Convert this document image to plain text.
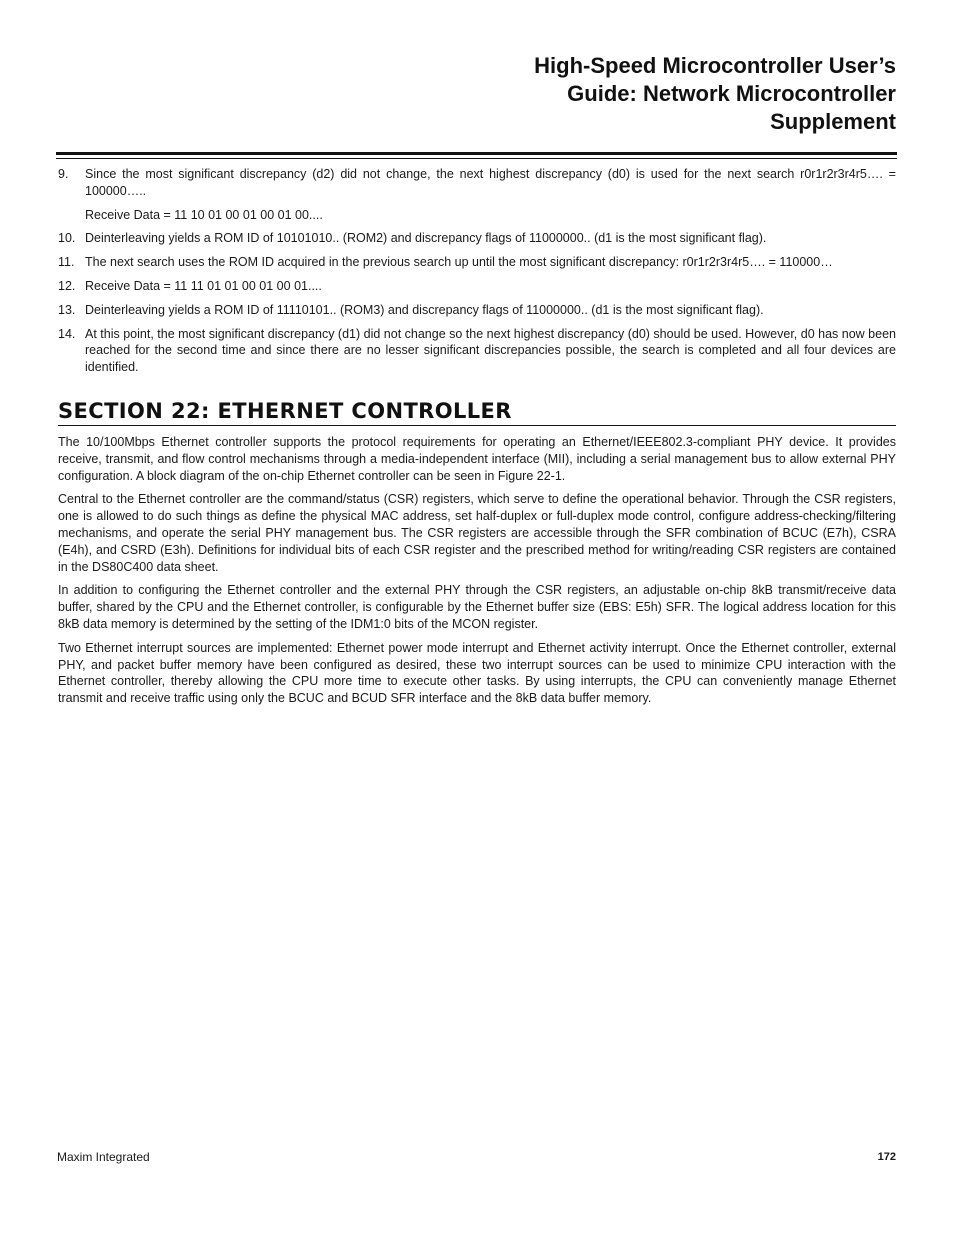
High-Speed Microcontroller User’s
Guide: Network Microcontroller
Supplement
9.	Since the most significant discrepancy (d2) did not change, the next highest discrepancy (d0) is used for the next search r0r1r2r3r4r5…. = 100000…..
Receive Data = 11 10 01 00 01 00 01 00....
10. Deinterleaving yields a ROM ID of 10101010.. (ROM2) and discrepancy flags of 11000000.. (d1 is the most significant flag).
11. The next search uses the ROM ID acquired in the previous search up until the most significant discrepancy: r0r1r2r3r4r5…. = 110000…
12. Receive Data = 11 11 01 01 00 01 00 01....
13. Deinterleaving yields a ROM ID of 11110101.. (ROM3) and discrepancy flags of 11000000.. (d1 is the most significant flag).
14. At this point, the most significant discrepancy (d1) did not change so the next highest discrepancy (d0) should be used. However, d0 has now been reached for the second time and since there are no lesser significant discrepancies possible, the search is completed and all four devices are identified.
SECTION 22: ETHERNET CONTROLLER

The 10/100Mbps Ethernet controller supports the protocol requirements for operating an Ethernet/IEEE802.3-compliant PHY device. It provides receive, transmit, and flow control mechanisms through a media-independent interface (MII), including a serial management bus to allow external PHY configuration. A block diagram of the on-chip Ethernet controller can be seen in Figure 22-1.

Central to the Ethernet controller are the command/status (CSR) registers, which serve to define the operational behavior. Through the CSR registers, one is allowed to do such things as define the physical MAC address, set half-duplex or full-duplex mode control, configure address-checking/filtering mechanisms, and operate the serial PHY management bus. The CSR registers are accessible through the SFR combination of BCUC (E7h), CSRA (E4h), and CSRD (E3h). Definitions for individual bits of each CSR register and the prescribed method for writing/reading CSR registers are contained in the DS80C400 data sheet.

In addition to configuring the Ethernet controller and the external PHY through the CSR registers, an adjustable on-chip 8kB transmit/receive data buffer, shared by the CPU and the Ethernet controller, is configurable by the Ethernet buffer size (EBS: E5h) SFR. The logical address location for this 8kB data memory is determined by the setting of the IDM1:0 bits of the MCON register.

Two Ethernet interrupt sources are implemented: Ethernet power mode interrupt and Ethernet activity interrupt. Once the Ethernet controller, external PHY, and packet buffer memory have been configured as desired, these two interrupt sources can be used to minimize CPU interaction with the Ethernet controller, thereby allowing the CPU more time to execute other tasks. By using interrupts, the CPU can conveniently manage Ethernet transmit and receive traffic using only the BCUC and BCUD SFR interface and the 8kB data buffer memory.

Maxim Integrated	172
